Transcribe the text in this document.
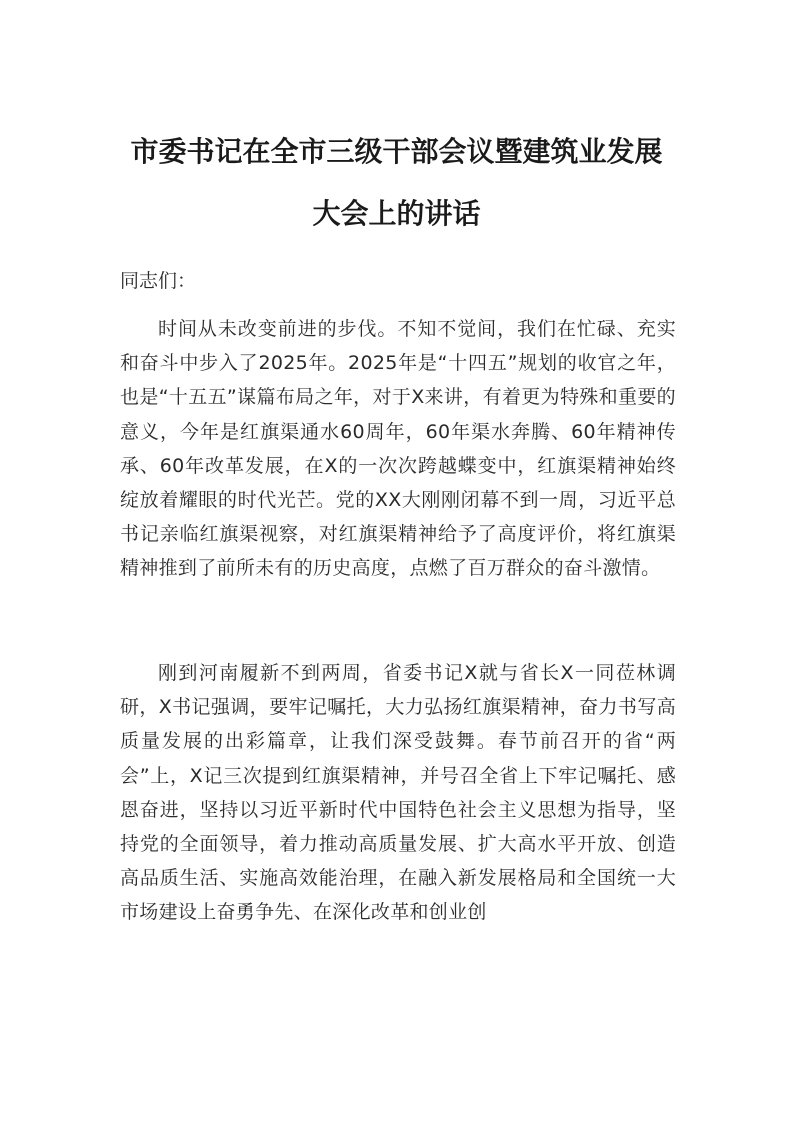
市委书记在全市三级干部会议暨建筑业发展
大会上的讲话
同志们：

时间从未改变前进的步伐。不知不觉间，我们在忙碌、充实和奋斗中步入了2025年。2025年是“十四五”规划的收官之年，也是“十五五”谋篇布局之年，对于X来讲，有着更为特殊和重要的意义，今年是红旗渠通水60周年，60年渠水奔腾、60年精神传承、60年改革发展，在X的一次次跨越蝶变中，红旗渠精神始终绽放着耀眼的时代光芒。党的XX大刚刚闭幕不到一周，习近平总书记亲临红旗渠视察，对红旗渠精神给予了高度评价，将红旗渠精神推到了前所未有的历史高度，点燃了百万群众的奋斗激情。

刚到河南履新不到两周，省委书记X就与省长X一同莅林调研，X书记强调，要牢记嘱托，大力弘扬红旗渠精神，奋力书写高质量发展的出彩篇章，让我们深受鼓舞。春节前召开的省“两会”上，X记三次提到红旗渠精神，并号召全省上下牢记嘱托、感恩奋进，坚持以习近平新时代中国特色社会主义思想为指导，坚持党的全面领导，着力推动高质量发展、扩大高水平开放、创造高品质生活、实施高效能治理，在融入新发展格局和全国统一大市场建设上奋勇争先、在深化改革和创业创
